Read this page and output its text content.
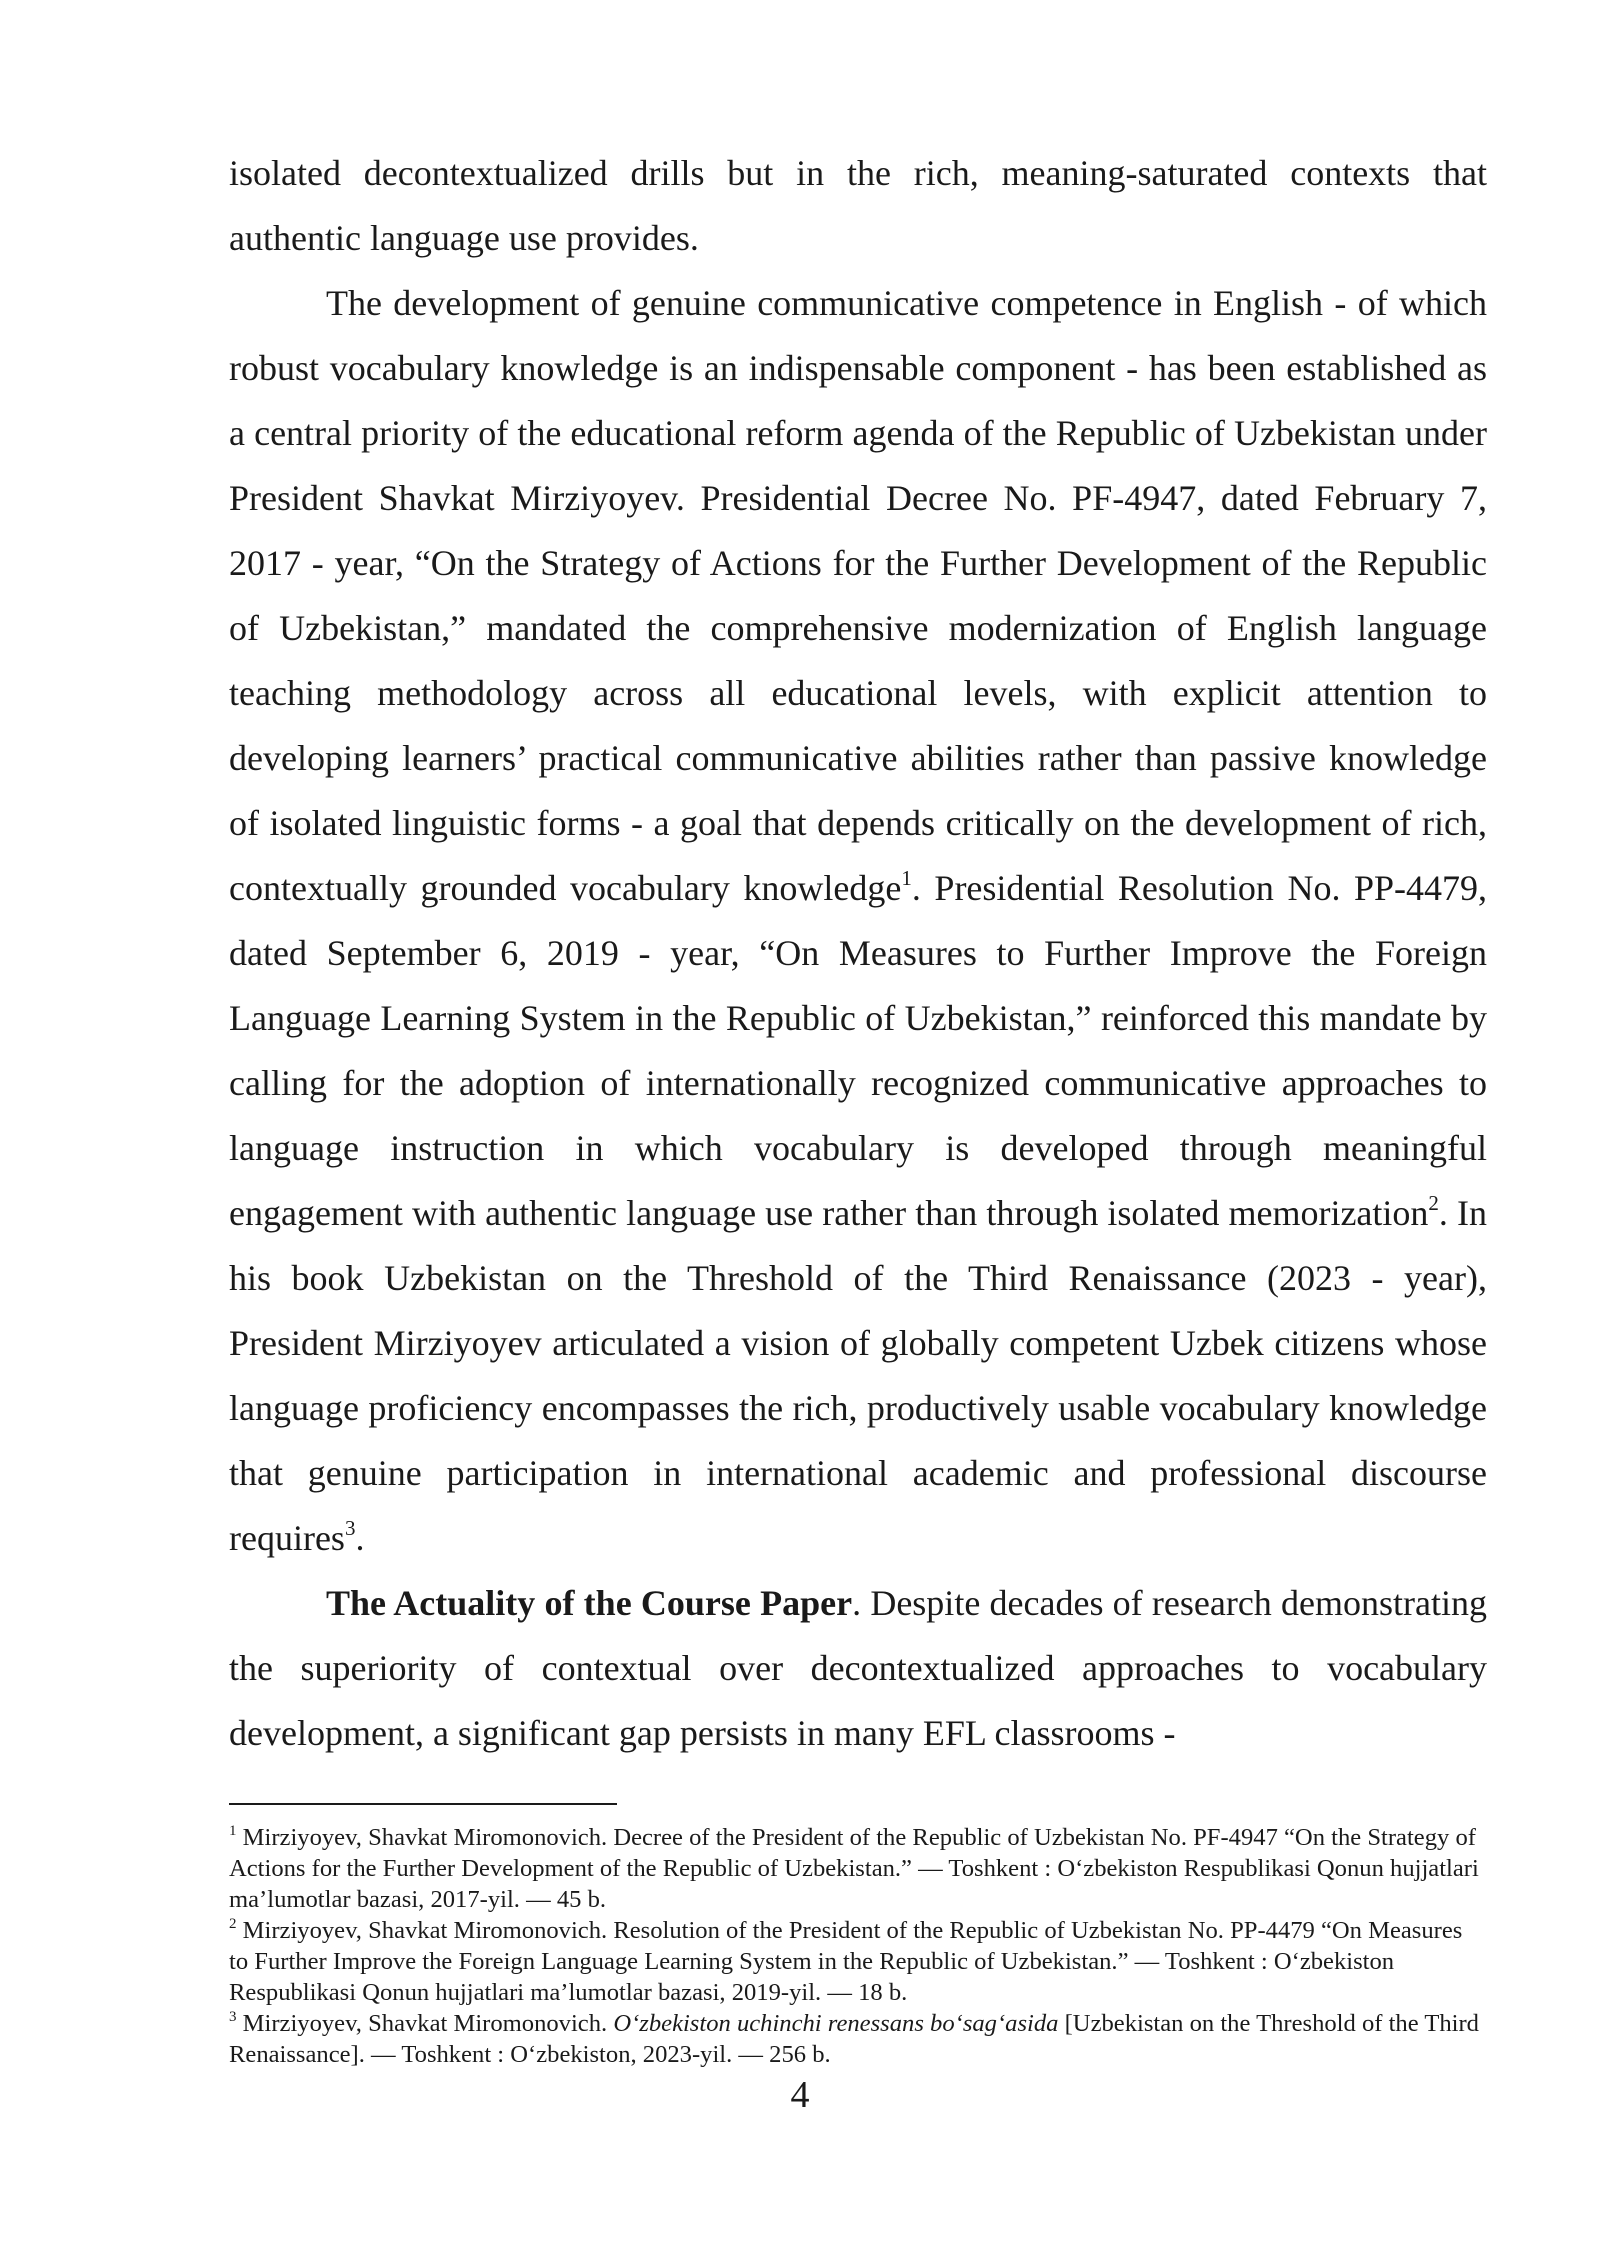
isolated decontextualized drills but in the rich, meaning-saturated contexts that authentic language use provides.

The development of genuine communicative competence in English - of which robust vocabulary knowledge is an indispensable component - has been established as a central priority of the educational reform agenda of the Republic of Uzbekistan under President Shavkat Mirziyoyev. Presidential Decree No. PF-4947, dated February 7, 2017 - year, “On the Strategy of Actions for the Further Development of the Republic of Uzbekistan,” mandated the comprehensive modernization of English language teaching methodology across all educational levels, with explicit attention to developing learners’ practical communicative abilities rather than passive knowledge of isolated linguistic forms - a goal that depends critically on the development of rich, contextually grounded vocabulary knowledge$^1$. Presidential Resolution No. PP-4479, dated September 6, 2019 - year, “On Measures to Further Improve the Foreign Language Learning System in the Republic of Uzbekistan,” reinforced this mandate by calling for the adoption of internationally recognized communicative approaches to language instruction in which vocabulary is developed through meaningful engagement with authentic language use rather than through isolated memorization$^2$. In his book Uzbekistan on the Threshold of the Third Renaissance (2023 - year), President Mirziyoyev articulated a vision of globally competent Uzbek citizens whose language proficiency encompasses the rich, productively usable vocabulary knowledge that genuine participation in international academic and professional discourse requires$^3$.

The Actuality of the Course Paper. Despite decades of research demonstrating the superiority of contextual over decontextualized approaches to vocabulary development, a significant gap persists in many EFL classrooms -

$^1$ Mirziyoyev, Shavkat Miromonovich. Decree of the President of the Republic of Uzbekistan No. PF-4947 “On the Strategy of Actions for the Further Development of the Republic of Uzbekistan.” — Toshkent : O‘zbekiston Respublikasi Qonun hujjatlari ma’lumotlar bazasi, 2017-yil. — 45 b.

$^2$ Mirziyoyev, Shavkat Miromonovich. Resolution of the President of the Republic of Uzbekistan No. PP-4479 “On Measures to Further Improve the Foreign Language Learning System in the Republic of Uzbekistan.” — Toshkent : O‘zbekiston Respublikasi Qonun hujjatlari ma’lumotlar bazasi, 2019-yil. — 18 b.

$^3$ Mirziyoyev, Shavkat Miromonovich. O‘zbekiston uchinchi renessans bo‘sag‘asida [Uzbekistan on the Threshold of the Third Renaissance]. — Toshkent : O‘zbekiston, 2023-yil. — 256 b.

4
